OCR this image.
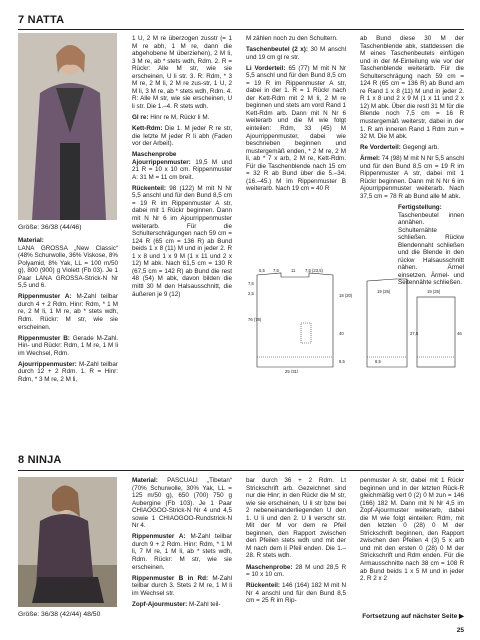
7 NATTA
Größe: 36/38 (44/46)

Material:
LANA GROSSA „New Classic“ (48% Schurwolle, 36% Viskose, 8% Polyamid, 8% Yak, LL = 100 m/50 g), 800 (900) g Violett (Fb 03). Je 1 Paar LANA GROSSA-Strick-N Nr 5,5 und 6.

Rippenmuster A: M-Zahl teilbar durch 4 + 2 Rdm. Hinr: Rdm, * 1 M re, 2 M li, 1 M re, ab * stets wdh, Rdm. Rückr: M str, wie sie erscheinen.

Rippenmuster B: Gerade M-Zahl. Hin- und Rückr: Rdm, 1 M re, 1 M li im Wechsel, Rdm.

Ajourrippenmuster: M-Zahl teilbar durch 12 + 2 Rdm. 1. R = Hinr: Rdm, * 3 M re, 2 M li,

1 U, 2 M re überzogen zusstr (= 1 M re abh, 1 M re, dann die abgehobene M überziehen), 2 M li, 3 M re, ab * stets wdh, Rdm. 2. R = Rückr: Alle M str, wie sie erscheinen, U li str. 3. R: Rdm, * 3 M re, 2 M li, 2 M re zus-str, 1 U, 2 M li, 3 M re, ab * stets wdh, Rdm. 4. R: Alle M str, wie sie erscheinen, U li str. Die 1.–4. R stets wdh.

Gl re: Hinr re M, Rückr li M.

Kett-Rdm: Die 1. M jeder R re str, die letzte M jeder R li abh (Faden vor der Arbeit).

Maschenprobe Ajourrippenmuster: 19,5 M und 21 R = 10 x 10 cm. Rippenmuster A: 31 M = 11 cm breit.

Rückenteil: 98 (122) M mit N Nr 5,5 anschl und für den Bund 8,5 cm = 19 R im Rippenmuster A str, dabei mit 1 Rückr beginnen. Dann mit N Nr 6 im Ajourrippenmuster weiterarb. Für die Schulterschrägungen nach 59 cm = 124 R (65 cm = 136 R) ab Bund beids 1 x 8 (11) M und in jeder 2. R 1 x 8 und 1 x 9 M (1 x 11 und 2 x 12) M abk. Nach 61,5 cm = 130 R (67,5 cm = 142 R) ab Bund die rest 48 (54) M abk, davon bilden die mittl 30 M den Halsausschnitt, die äußeren je 9 (12)

M zählen noch zu den Schultern.

Taschenbeutel (2 x): 30 M anschl und 19 cm gl re str.

Li Vorderteil: 65 (77) M mit N Nr 5,5 anschl und für den Bund 8,5 cm = 19 R im Rippenmuster A str, dabei in der 1. R = 1 Rückr nach der Kett-Rdm mit 2 M li, 2 M re beginnen und stets am vord Rand 1 Kett-Rdm arb. Dann mit N Nr 6 weiterarb und die M wie folgt einteilen: Rdm, 33 (45) M Ajourrippenmuster, dabei wie beschrieben beginnen und mustergemäß enden, * 2 M re, 2 M li, ab * 7 x arb, 2 M re, Kett-Rdm. Für die Taschenblende nach 15 cm = 32 R ab Bund über die 5.–34. (16.–45.) M im Rippenmuster B weiterarb. Nach 19 cm = 40 R

ab Bund diese 30 M der Taschenblende abk, stattdessen die M eines Taschenbeutels einfügen und in der M-Einteilung wie vor der Taschenblende weiterarb. Für die Schulterschrägung nach 59 cm = 124 R (65 cm = 136 R) ab Bund am re Rand 1 x 8 (11) M und in jeder 2. R 1 x 8 und 2 x 9 M (1 x 11 und 2 x 12) M abk. Über die restl 31 M für die Blende noch 7,5 cm = 16 R mustergemäß weiterstr, dabei in der 1. R am inneren Rand 1 Rdm zun = 32 M. Die M abk.

Re Vorderteil: Gegengl arb.

Ärmel: 74 (98) M mit N Nr 5,5 anschl und für den Bund 8,5 cm = 19 R im Rippenmuster A str, dabei mit 1 Rückr beginnen. Dann mit N Nr 6 im Ajourrippenmuster weiterarb. Nach 37,5 cm = 78 R ab Bund alle M abk.

Fertigstellung: Taschenbeutel innen annähen. Schulternähte schließen. Rückw Blendennaht schließen und die Blende in den rückw Halsausschnitt nähen. Ärmel einsetzen. Ärmel- und Seitennähte schließen.

5,5 7,5	11 7,5 (23,5)
7,5
2,5
76 (78)
18 (20)
40
8,5	8,5
25 (31)
19 (25)	19 (25)
37,5	46
8 NINJA
Größe: 36/38 (42/44) 48/50

Material: PASCUALI „Tibetan“ (70% Schurwolle, 30% Yak, LL = 125 m/50 g), 650 (700) 750 g Aubergine (Fb 103). Je 1 Paar CHIAOGOO-Strick-N Nr 4 und 4,5 sowie 1 CHIAOGOO-Rundstrick-N Nr 4.

Rippenmuster A: M-Zahl teilbar durch 9 + 2 Rdm. Hinr: Rdm, * 1 M li, 7 M re, 1 M li, ab * stets wdh, Rdm. Rückr: M str, wie sie erscheinen.

Rippenmuster B in Rd: M-Zahl teilbar durch 3. Stets 2 M re, 1 M li im Wechsel str.

Zopf-Ajourmuster: M-Zahl teil-

bar durch 36 + 2 Rdm. Lt Strickschrift arb. Gezeichnet sind nur die Hinr; in den Rückr die M str, wie sie erscheinen, U li str bzw bei 2 nebeneinanderliegenden U den 1. U li und den 2. U li verschr str. Mit der M vor dem re Pfeil beginnen, den Rapport zwischen den Pfeilen stets wdh und mit der M nach dem li Pfeil enden. Die 1.–28. R stets wdh.

Maschenprobe: 28 M und 28,5 R = 10 x 10 cm.

Rückenteil: 146 (164) 182 M mit N Nr 4 anschl und für den Bund 8,5 cm = 25 R im Rip-

penmuster A str, dabei mit 1 Rückr beginnen und in der letzten Rück-R gleichmäßig vert 0 (2) 0 M zun = 146 (166) 182 M. Dann mit N Nr 4,5 im Zopf-Ajourmuster weiterarb, dabei die M wie folgt einteilen: Rdm, mit den letzten 0 (28) 0 M der Strickschrift beginnen, den Rapport zwischen den Pfeilen 4 (3) 5 x arb und mit den ersten 0 (28) 0 M der Strickschrift und Rdm enden. Für die Armausschnitte nach 38 cm = 108 R ab Bund beids 1 x 5 M und in jeder 2. R 2 x 2

Fortsetzung auf nächster Seite ▶
25
